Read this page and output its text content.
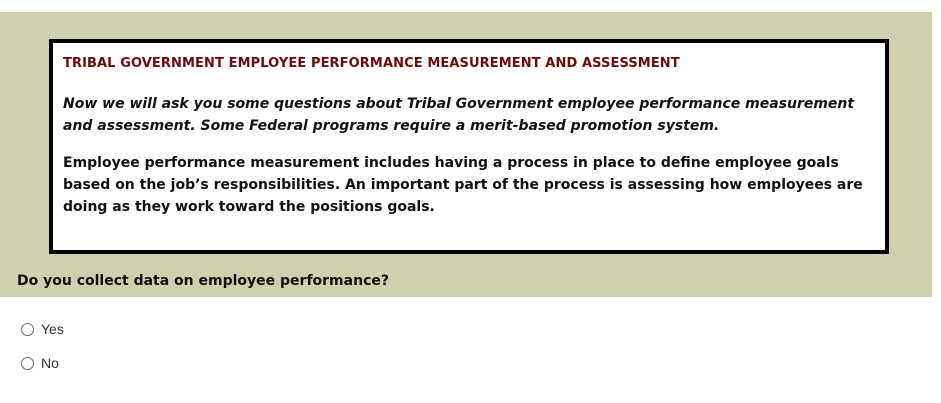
TRIBAL GOVERNMENT EMPLOYEE PERFORMANCE MEASUREMENT AND ASSESSMENT

Now we will ask you some questions about Tribal Government employee performance measurement and assessment. Some Federal programs require a merit-based promotion system.

Employee performance measurement includes having a process in place to define employee goals based on the job’s responsibilities. An important part of the process is assessing how employees are doing as they work toward the positions goals.

Do you collect data on employee performance?

Yes
No
